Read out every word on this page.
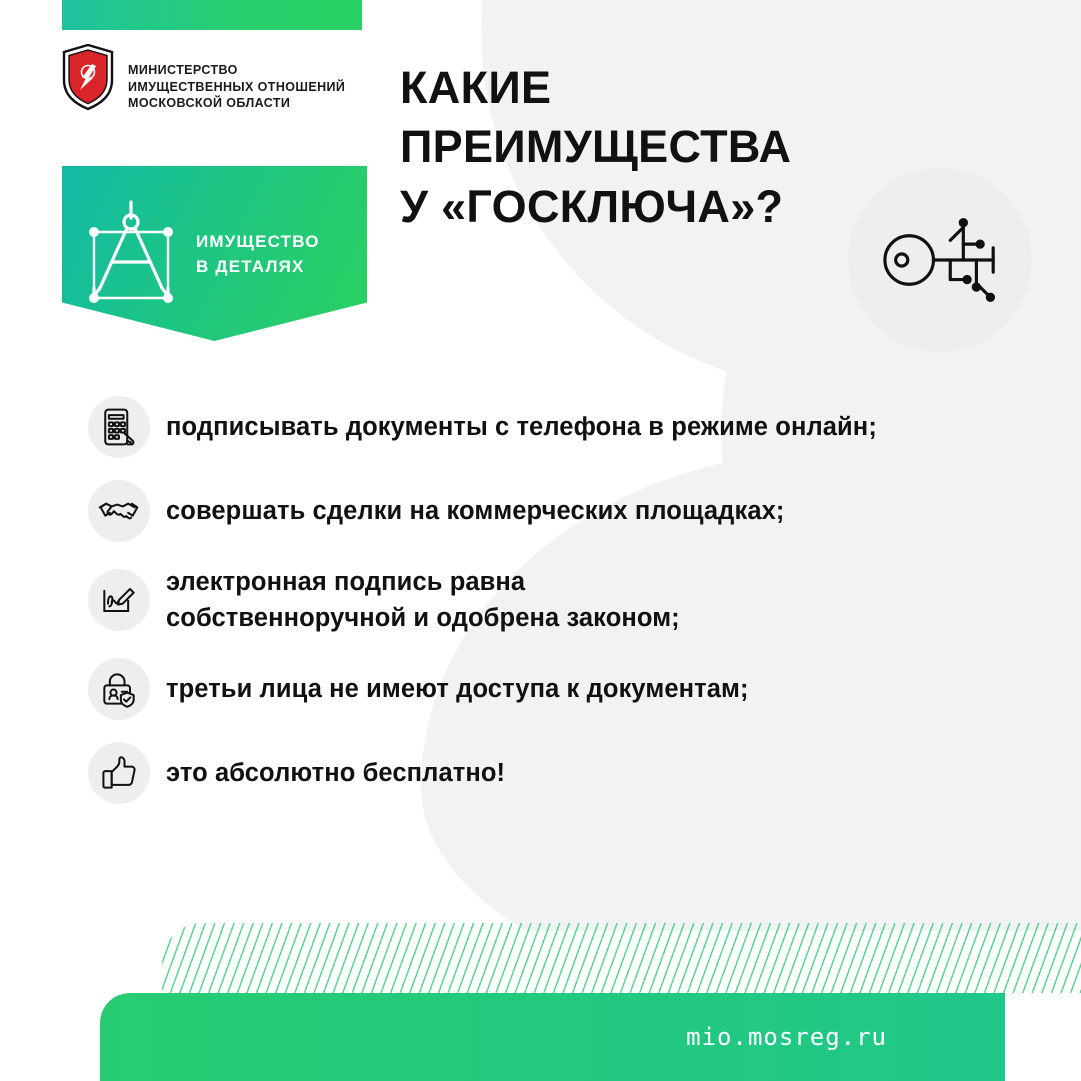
МИНИСТЕРСТВО
ИМУЩЕСТВЕННЫХ ОТНОШЕНИЙ
МОСКОВСКОЙ ОБЛАСТИ
ИМУЩЕСТВО
В ДЕТАЛЯХ
КАКИЕ
ПРЕИМУЩЕСТВА
У «ГОСКЛЮЧА»?
подписывать документы с телефона в режиме онлайн;
совершать сделки на коммерческих площадках;
электронная подпись равна
собственноручной и одобрена законом;
третьи лица не имеют доступа к документам;
это абсолютно бесплатно!
mio.mosreg.ru
